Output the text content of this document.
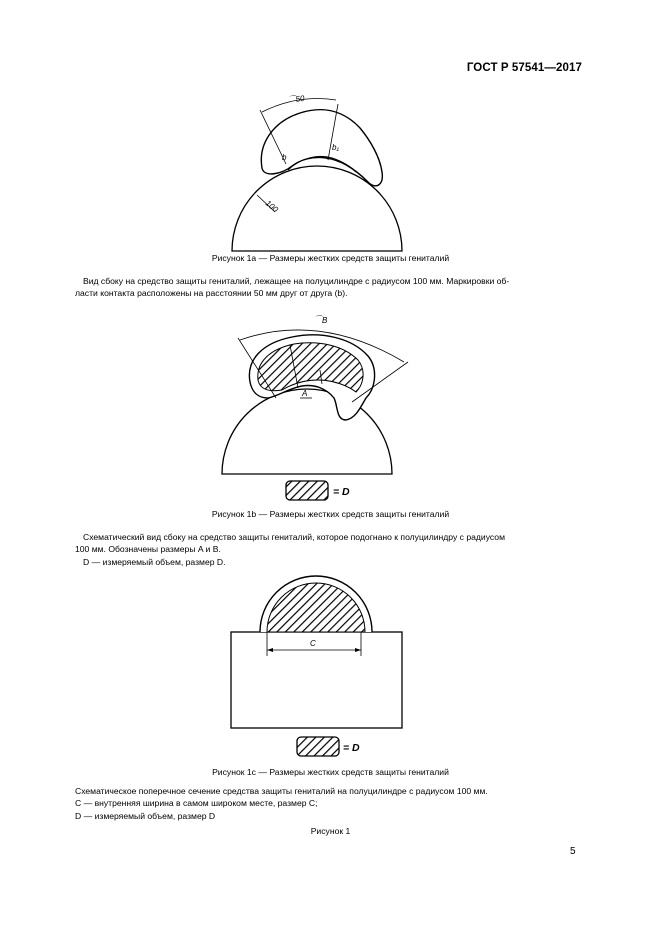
ГОСТ Р 57541—2017
50
⌒
b
b₁
100
Рисунок 1a — Размеры жестких средств защиты гениталий
Вид сбоку на средство защиты гениталий, лежащее на полуцилиндре с радиусом 100 мм. Маркировки об-
ласти контакта расположены на расстоянии 50 мм друг от друга (b).
⌒ B
A
= D
Рисунок 1b — Размеры жестких средств защиты гениталий
Схематический вид сбоку на средство защиты гениталий, которое подогнано к полуцилиндру с радиусом
100 мм. Обозначены размеры A и B.
D — измеряемый объем, размер D.
C
= D
Рисунок 1c — Размеры жестких средств защиты гениталий
Схематическое поперечное сечение средства защиты гениталий на полуцилиндре с радиусом 100 мм.
C — внутренняя ширина в самом широком месте, размер C;
D — измеряемый объем, размер D
Рисунок 1
5
